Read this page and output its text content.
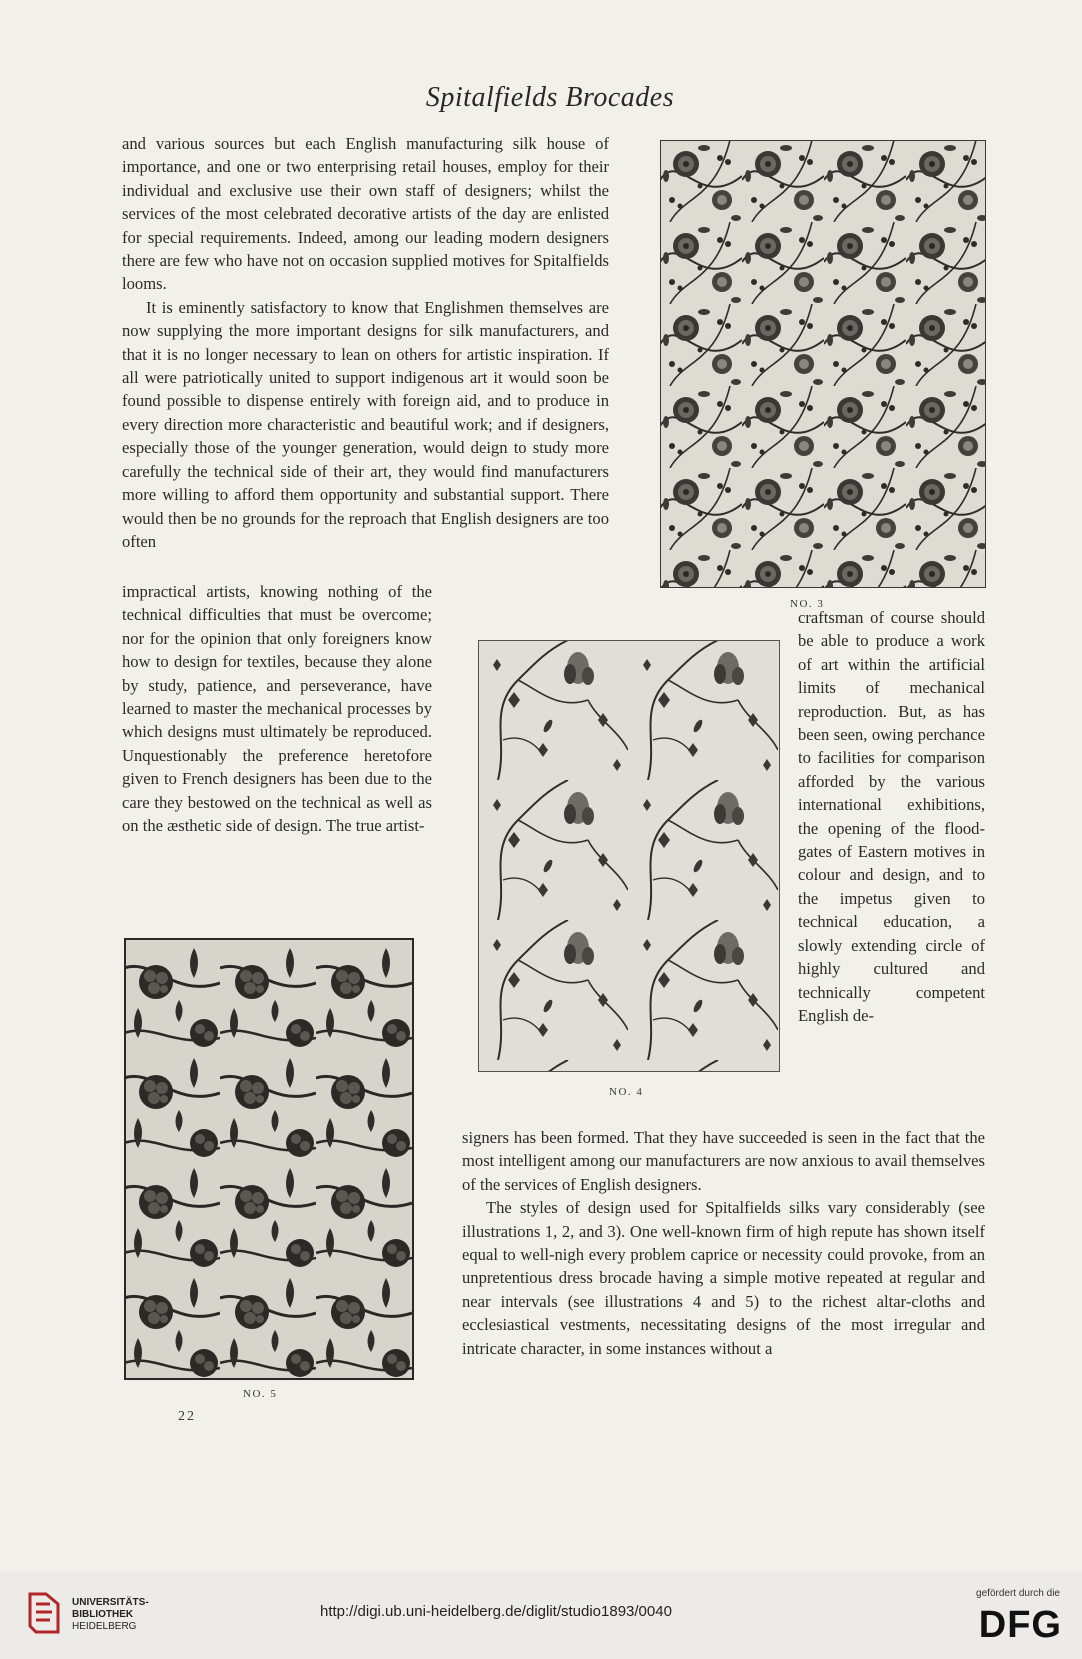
Spitalfields Brocades

and various sources but each English manufacturing silk house of importance, and one or two enterprising retail houses, employ for their individual and exclusive use their own staff of designers; whilst the services of the most celebrated decorative artists of the day are enlisted for special requirements. Indeed, among our leading modern designers there are few who have not on occasion supplied motives for Spitalfields looms.

It is eminently satisfactory to know that Englishmen themselves are now supplying the more important designs for silk manufacturers, and that it is no longer necessary to lean on others for artistic inspiration. If all were patriotically united to support indigenous art it would soon be found possible to dispense entirely with foreign aid, and to produce in every direction more characteristic and beautiful work; and if designers, especially those of the younger generation, would deign to study more carefully the technical side of their art, they would find manufacturers more willing to afford them opportunity and substantial support. There would then be no grounds for the reproach that English designers are too often

impractical artists, knowing nothing of the technical difficulties that must be overcome; nor for the opinion that only foreigners know how to design for textiles, because they alone by study, patience, and perseverance, have learned to master the mechanical processes by which designs must ultimately be reproduced. Unquestionably the preference heretofore given to French designers has been due to the care they bestowed on the technical as well as on the æsthetic side of design. The true artist-

craftsman of course should be able to produce a work of art within the artificial limits of mechanical reproduction. But, as has been seen, owing perchance to facilities for comparison afforded by the various international exhibitions, the opening of the flood-gates of Eastern motives in colour and design, and to the impetus given to technical education, a slowly extending circle of highly cultured and technically competent English de-

signers has been formed. That they have succeeded is seen in the fact that the most intelligent among our manufacturers are now anxious to avail themselves of the services of English designers.

The styles of design used for Spitalfields silks vary considerably (see illustrations 1, 2, and 3). One well-known firm of high repute has shown itself equal to well-nigh every problem caprice or necessity could provoke, from an unpretentious dress brocade having a simple motive repeated at regular and near intervals (see illustrations 4 and 5) to the richest altar-cloths and ecclesiastical vestments, necessitating designs of the most irregular and intricate character, in some instances without a

NO. 3
NO. 4
NO. 5
22
UNIVERSITÄTS-
BIBLIOTHEK
HEIDELBERG
http://digi.ub.uni-heidelberg.de/diglit/studio1893/0040
gefördert durch die
DFG
